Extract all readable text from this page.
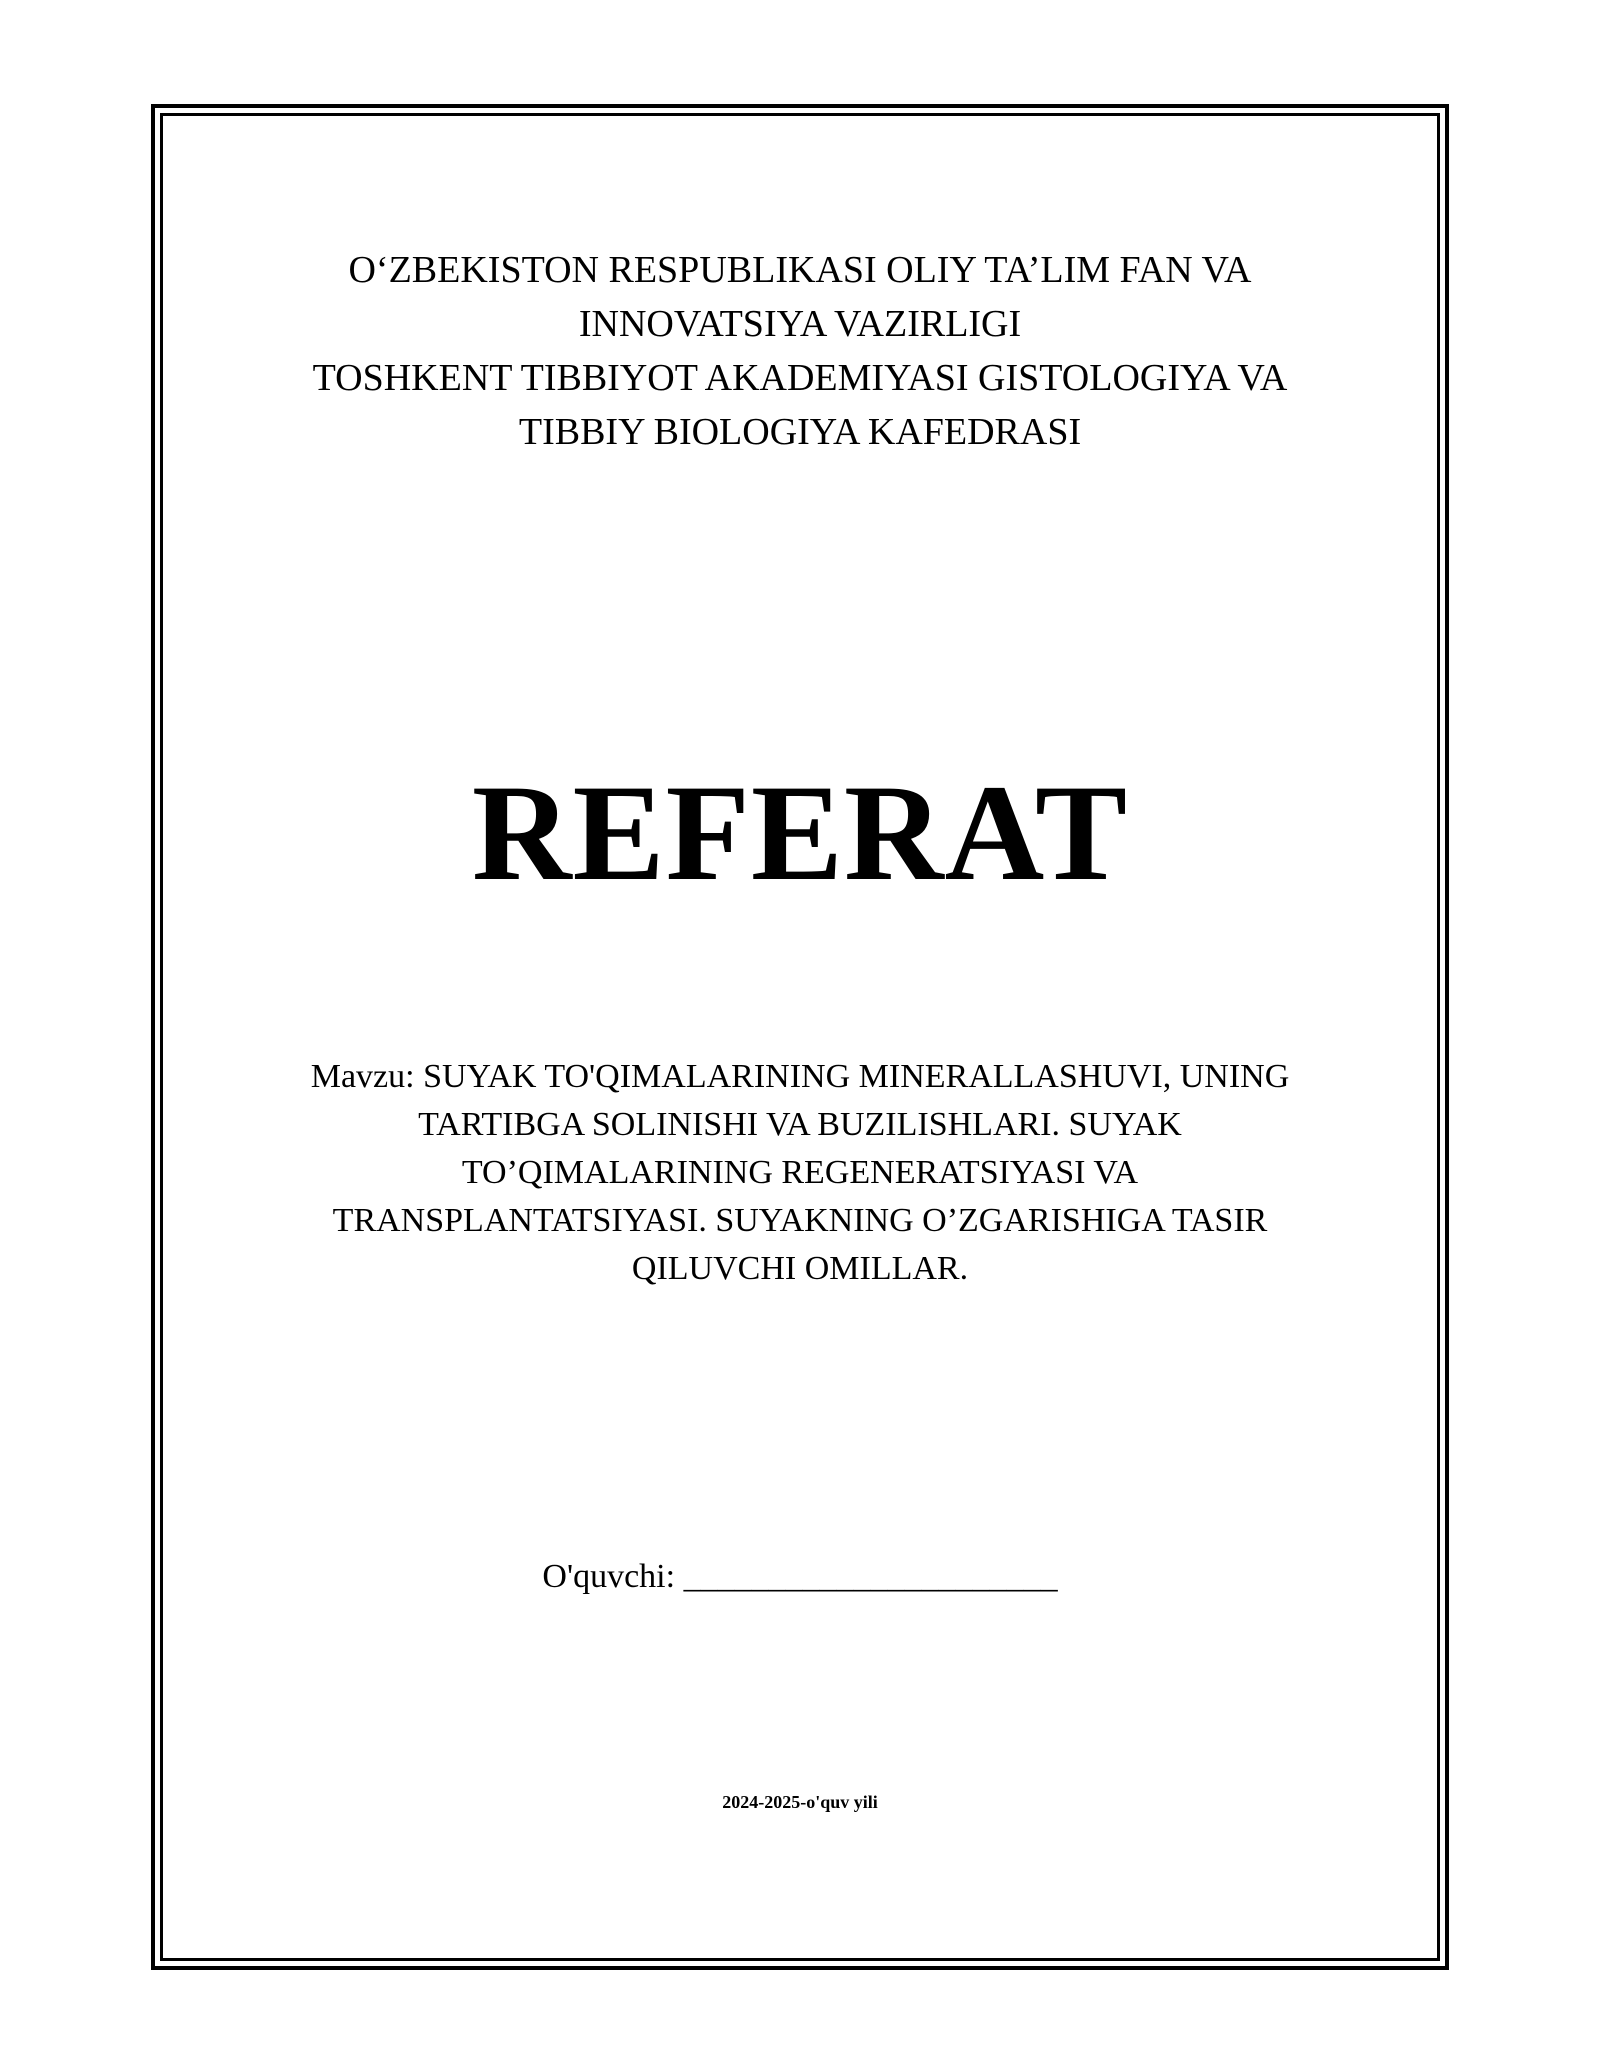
O‘ZBEKISTON RESPUBLIKASI OLIY TA’LIM FAN VA
INNOVATSIYA VAZIRLIGI
TOSHKENT TIBBIYOT AKADEMIYASI GISTOLOGIYA VA
TIBBIY BIOLOGIYA KAFEDRASI
REFERAT
Mavzu: SUYAK TO'QIMALARINING MINERALLASHUVI, UNING
TARTIBGA SOLINISHI VA BUZILISHLARI. SUYAK
TO’QIMALARINING REGENERATSIYASI VA
TRANSPLANTATSIYASI. SUYAKNING O’ZGARISHIGA TASIR
QILUVCHI OMILLAR.
O'quvchi: ______________________
2024-2025-o'quv yili
